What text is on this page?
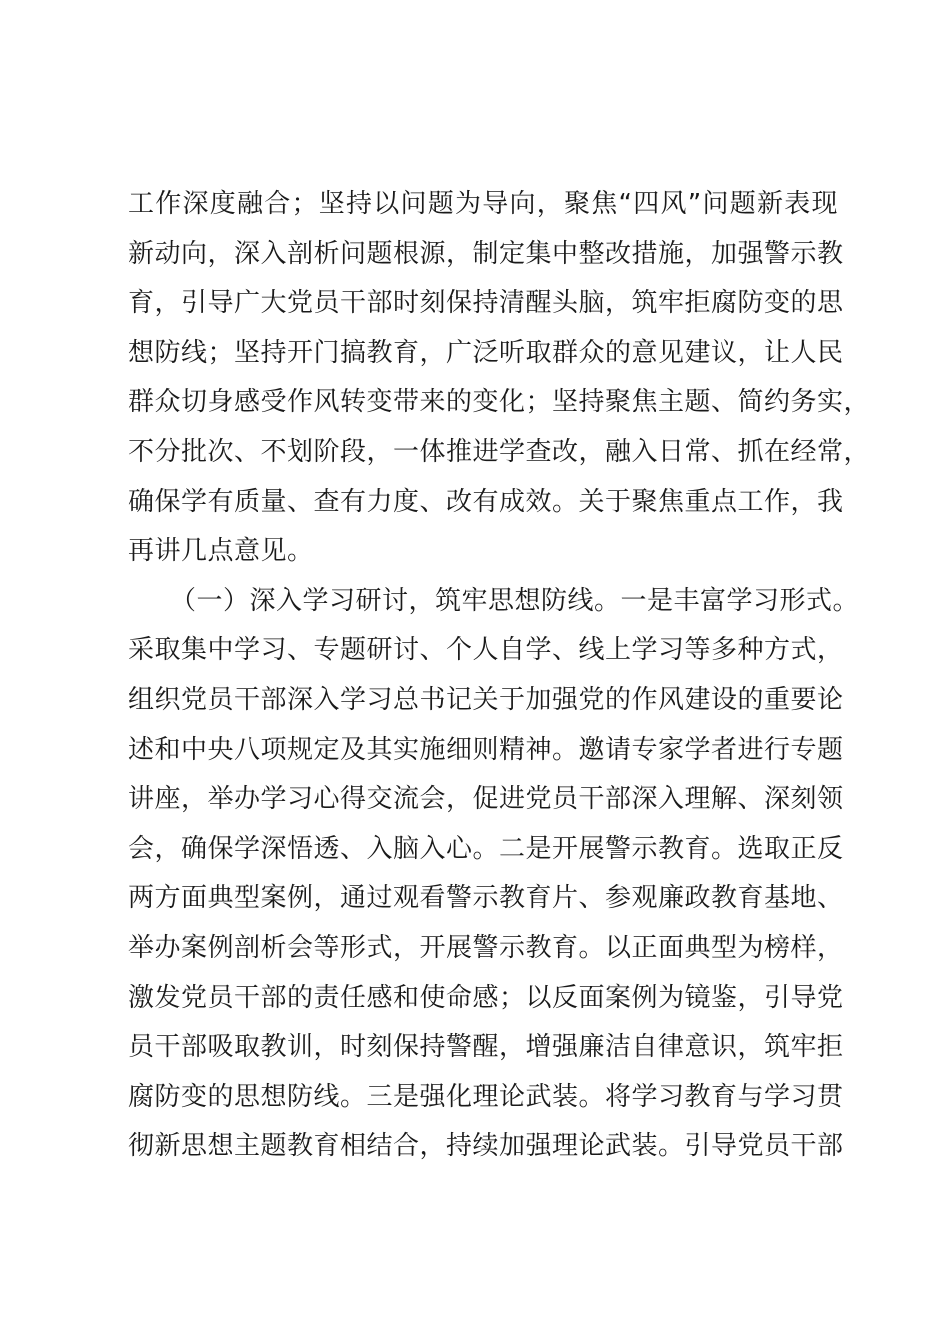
工作深度融合；坚持以问题为导向，聚焦“四风”问题新表现
新动向，深入剖析问题根源，制定集中整改措施，加强警示教
育，引导广大党员干部时刻保持清醒头脑，筑牢拒腐防变的思
想防线；坚持开门搞教育，广泛听取群众的意见建议，让人民
群众切身感受作风转变带来的变化；坚持聚焦主题、简约务实，
不分批次、不划阶段，一体推进学查改，融入日常、抓在经常，
确保学有质量、查有力度、改有成效。关于聚焦重点工作，我
再讲几点意见。
（一）深入学习研讨，筑牢思想防线。一是丰富学习形式。
采取集中学习、专题研讨、个人自学、线上学习等多种方式，
组织党员干部深入学习总书记关于加强党的作风建设的重要论
述和中央八项规定及其实施细则精神。邀请专家学者进行专题
讲座，举办学习心得交流会，促进党员干部深入理解、深刻领
会，确保学深悟透、入脑入心。二是开展警示教育。选取正反
两方面典型案例，通过观看警示教育片、参观廉政教育基地、
举办案例剖析会等形式，开展警示教育。以正面典型为榜样，
激发党员干部的责任感和使命感；以反面案例为镜鉴，引导党
员干部吸取教训，时刻保持警醒，增强廉洁自律意识，筑牢拒
腐防变的思想防线。三是强化理论武装。将学习教育与学习贯
彻新思想主题教育相结合，持续加强理论武装。引导党员干部
